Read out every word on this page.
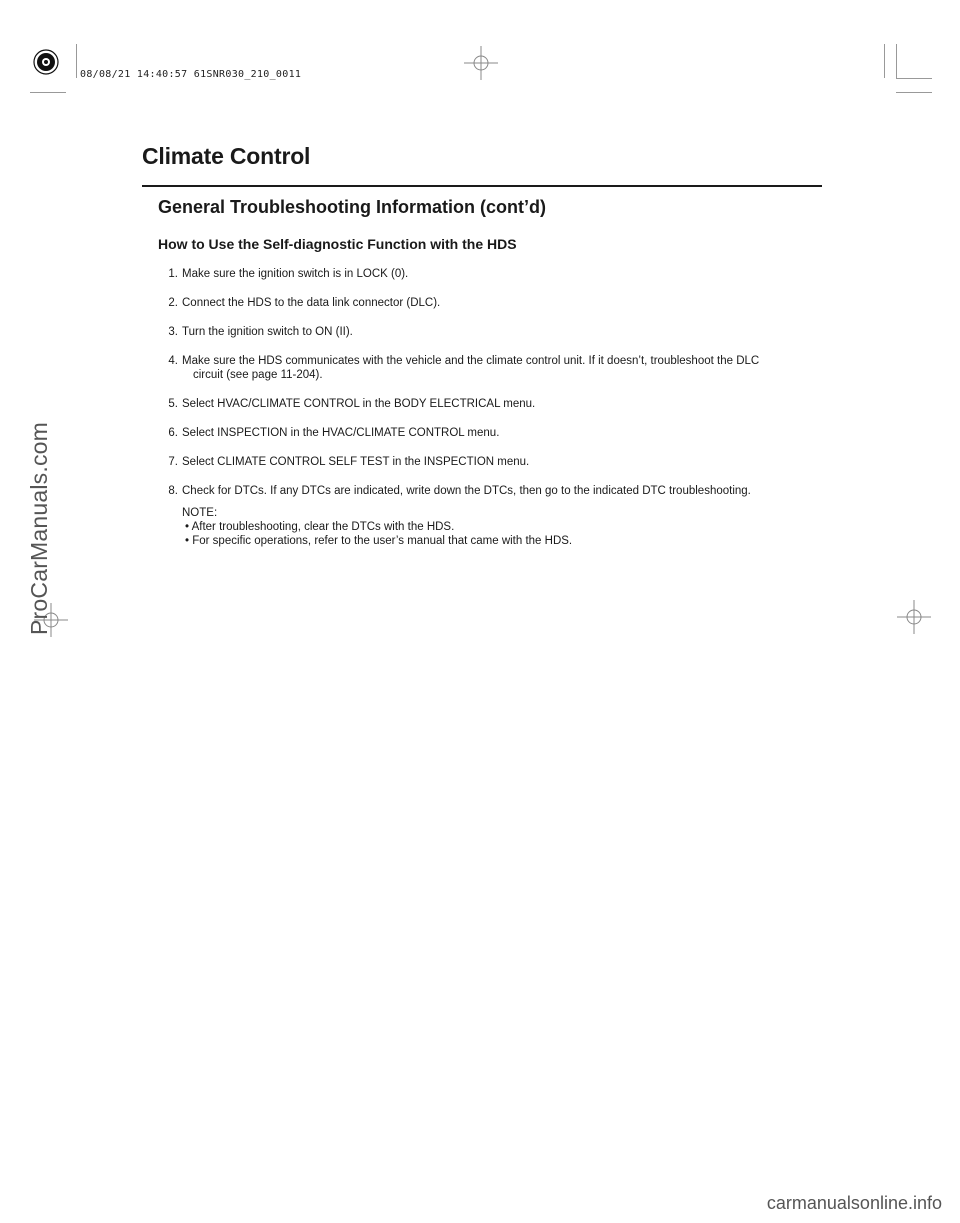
08/08/21 14:40:57 61SNR030_210_0011
Climate Control
General Troubleshooting Information (cont’d)
How to Use the Self-diagnostic Function with the HDS
1. Make sure the ignition switch is in LOCK (0).
2. Connect the HDS to the data link connector (DLC).
3. Turn the ignition switch to ON (II).
4. Make sure the HDS communicates with the vehicle and the climate control unit. If it doesn’t, troubleshoot the DLC
circuit (see page 11-204).
5. Select HVAC/CLIMATE CONTROL in the BODY ELECTRICAL menu.
6. Select INSPECTION in the HVAC/CLIMATE CONTROL menu.
7. Select CLIMATE CONTROL SELF TEST in the INSPECTION menu.
8. Check for DTCs. If any DTCs are indicated, write down the DTCs, then go to the indicated DTC troubleshooting.
NOTE:
• After troubleshooting, clear the DTCs with the HDS.
• For specific operations, refer to the user’s manual that came with the HDS.
ProCarManuals.com
carmanualsonline.info
